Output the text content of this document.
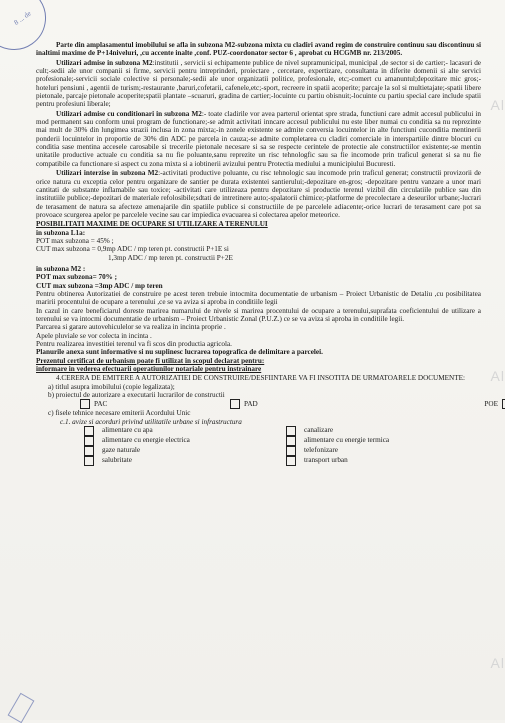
8 ... de
Al
Al
Al

Parte din amplasamentul imobilului se afla in subzona M2-subzona mixta cu cladiri avand regim de construire continuu sau discontinuu si inaltimi maxime de P+14niveluri, ,cu accente inalte ,conf. PUZ-coordonator sector 6 , aprobat cu HCGMB nr. 213/2005.

Utilizari admise in subzona M2:institutii , servicii si echipamente publice de nivel supramunicipal, municipal ,de sector si de cartier;- lacasuri de cult;-sedii ale unor companii si firme, servicii pentru intreprinderi, proiectare , cercetare, expertizare, consultanta in diferite domenii si alte servici profesionale;-servicii sociale colective si personale;-sedii ale unor organizatii politice, profesionale, etc;-comert cu amanuntul;depozitare mic gros;-hoteluri pensiuni , agentii de turism;-restaurante ,baruri,cofetarii, cafenele,etc;-sport, recreere in spatii acoperite; parcaje la sol si multietajate;-spatii libere pietonale, parcaje pietonale acoperite;spatii plantate –scuaruri, gradina de cartier;-locuinte cu partiu obisnuit;-locuinte cu partiu special care include spatii pentru profesiuni liberale;

Utilizari admise cu conditionari in subzona M2:- toate cladirile vor avea parterul orientat spre strada, functiuni care admit accesul publicului in mod permanent sau conform unui program de functionare;-se admit activitati inncare accesul publicului nu este liber numai cu conditia sa nu reprezinte mai mult de 30% din lungimea strazii inclusa in zona mixta;-in zonele existente se admite conversia locuintelor in alte functiuni cuconditia mentinerii ponderii locuintelor in proportie de 30% din ADC pe parcela in cauza;-se admite completarea cu cladiri comerciale in interspartiile dintre blocuri cu conditia sase mentina accesele carosabile si trecerile pietonale necesare si sa se respecte cerintele de protectie ale constructiilor existente;-se mentin unitatile productive actuale cu conditia sa nu fie poluante,sanu reprezite un risc tehnologfic sau sa fie incomode prin traficul generat si sa nu fie compatibile ca functionare si aspect cu zona mixta si a iobtinerii avizului pentru Protectia mediului a municipiului Bucuresti.

Utilizari interzise in subzona M2:-activitati productive poluante, cu risc tehnologic sau incomode prin traficul generat; constructii provizorii de orice natura cu exceptia celor pentru organizare de santier pe durata existentei santierului;-depozitare en-gros; -depozitare pentru vanzare a unor mari cantitati de substante inflamabile sau toxice; -activitati care utilizeaza pentru depozitare si productie terenul vizibil din circulatiile publice sau din institutiile publice;-depozitari de materiale refolosibile;sdtati de intretinere auto;-spalatorii chimice;-platforme de precolectare a deseurilor urbane;-lucrari de terasament de natura sa afecteze amenajarile din spatiile publice si constructiile de pe parcelele adiacente;-orice lucrari de terasament care pot sa provoace scurgerea apelor pe parcelele vecine sau car impiedica evacuarea si colectarea apelor meteorice.

POSIBILITATI MAXIME DE OCUPARE SI UTILIZARE A TERENULUI

in subzona L1a:

POT max subzona = 45% ;

CUT max subzona = 0,9mp ADC / mp teren pt. constructii P+1E si

1,3mp ADC / mp teren pt. constructii P+2E

in subzona M2 :

POT max subzona= 70% ;

CUT max subzona =3mp ADC / mp teren

Pentru obtinerea Autorizatiei de construire pe acest teren trebuie intocmita documentatie de urbanism – Proiect Urbanistic de Detaliu ,cu posibilitatea maririi procentului de ocupare a terenului ,ce se va aviza si aproba in conditiile legii

In cazul in care beneficiarul doreste marirea numarului de nivele si marirea procentului de ocupare a terenului,suprafata coeficientului de utilizare a terenului se va intocmi documentatie de urbanism – Proiect Urbanistic Zonal (P.U.Z.) ce se va aviza si aproba in conditiile legii.

Parcarea si garare autovehiculelor se va realiza in incinta proprie .

Apele pluviale se vor colecta in incinta .

Pentru realizarea investitiei terenul va fi scos din productia agricola.

Planurile anexa sunt informative si nu suplinesc lucrarea topografica de delimitare a parcelei.

Prezentul certificat de urbanism poate fi utilizat in scopul declarat pentru:

informare in vederea efectuarii operatiunilor notariale pentru instrainare

4.CERERA DE EMITERE A AUTORIZATIEI DE CONSTRUIRE/DESFIINTARE VA FI INSOTITA DE URMATOARELE DOCUMENTE:

a) titlul asupra imobilului (copie legalizata);

b) proiectul de autorizare a executarii lucrarilor de constructii

PAC	PAD	POE

c) fisele tehnice necesare emiterii Acordului Unic

c.1. avize si acorduri privind utilitatile urbane si infrastructura

alimentare cu apa	canalizare
alimentare cu energie electrica	alimentare cu energie termica
gaze naturale	telefonizare
salubritate	transport urban
